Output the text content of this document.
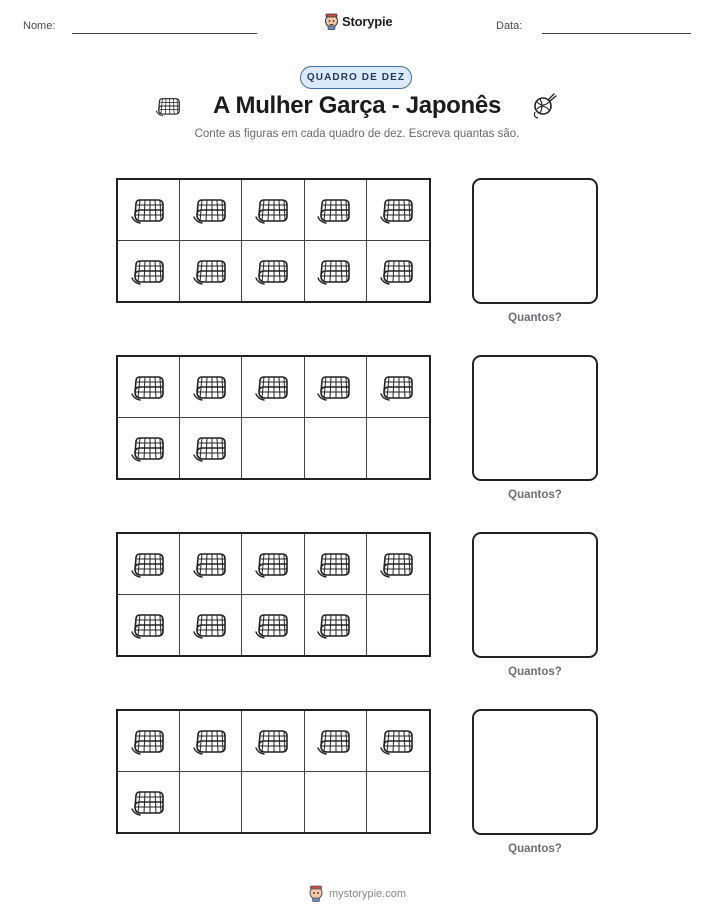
Nome:	Storypie	Data:
QUADRO DE DEZ
A Mulher Garça - Japonês
Conte as figuras em cada quadro de dez. Escreva quantas são.
Quantos?
Quantos?
Quantos?
Quantos?
mystorypie.com
